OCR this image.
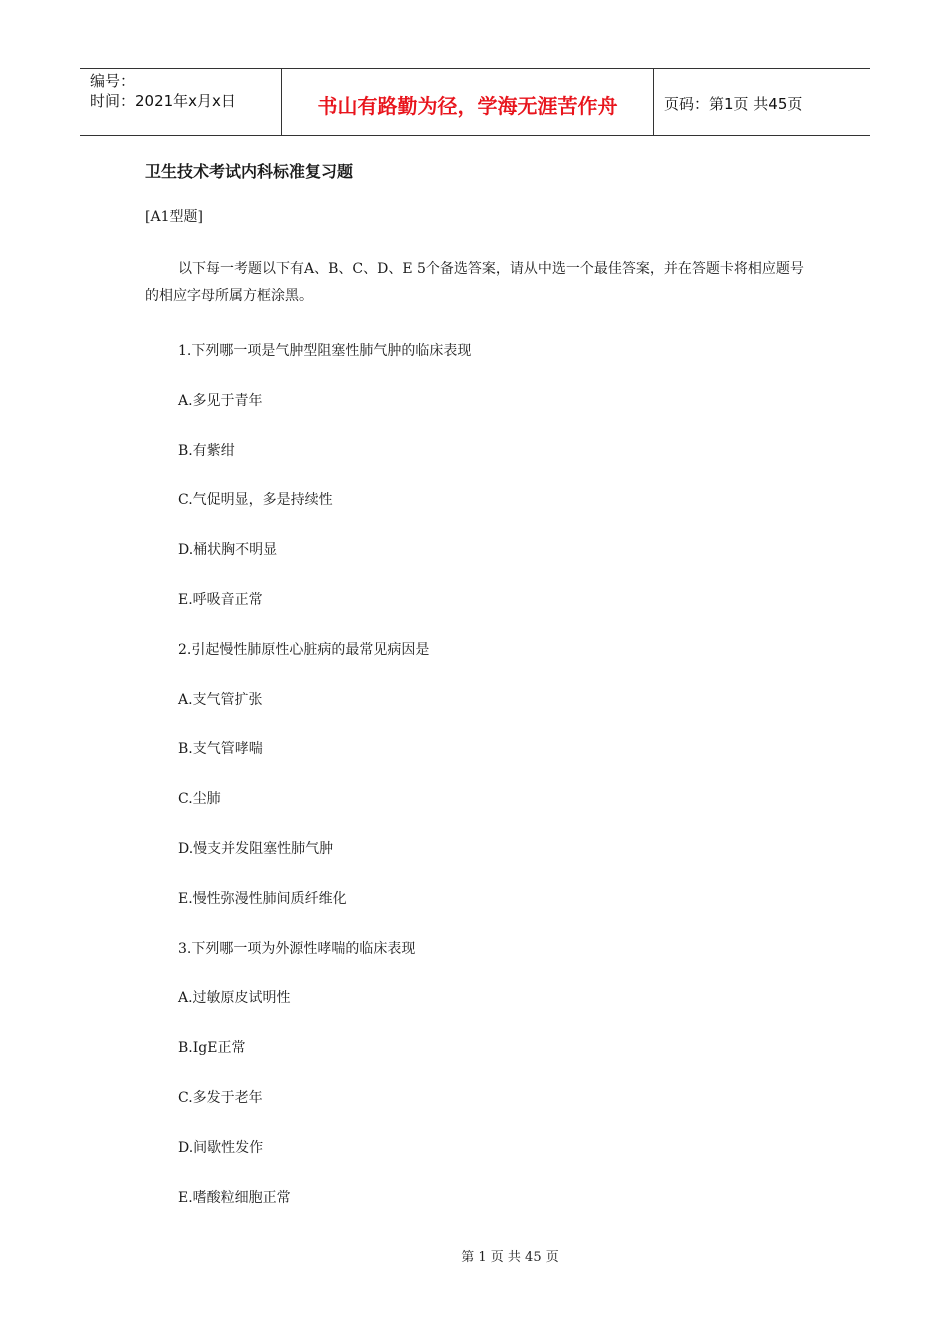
编号：
时间：2021年x月x日	书山有路勤为径，学海无涯苦作舟	页码：第1页 共45页
卫生技术考试内科标准复习题
[A1型题]
以下每一考题以下有A、B、C、D、E 5个备选答案，请从中选一个最佳答案，并在答题卡将相应题号的相应字母所属方框涂黑。
1.下列哪一项是气肿型阻塞性肺气肿的临床表现
A.多见于青年
B.有紫绀
C.气促明显，多是持续性
D.桶状胸不明显
E.呼吸音正常
2.引起慢性肺原性心脏病的最常见病因是
A.支气管扩张
B.支气管哮喘
C.尘肺
D.慢支并发阻塞性肺气肿
E.慢性弥漫性肺间质纤维化
3.下列哪一项为外源性哮喘的临床表现
A.过敏原皮试明性
B.IgE正常
C.多发于老年
D.间歇性发作
E.嗜酸粒细胞正常
第 1 页 共 45 页
